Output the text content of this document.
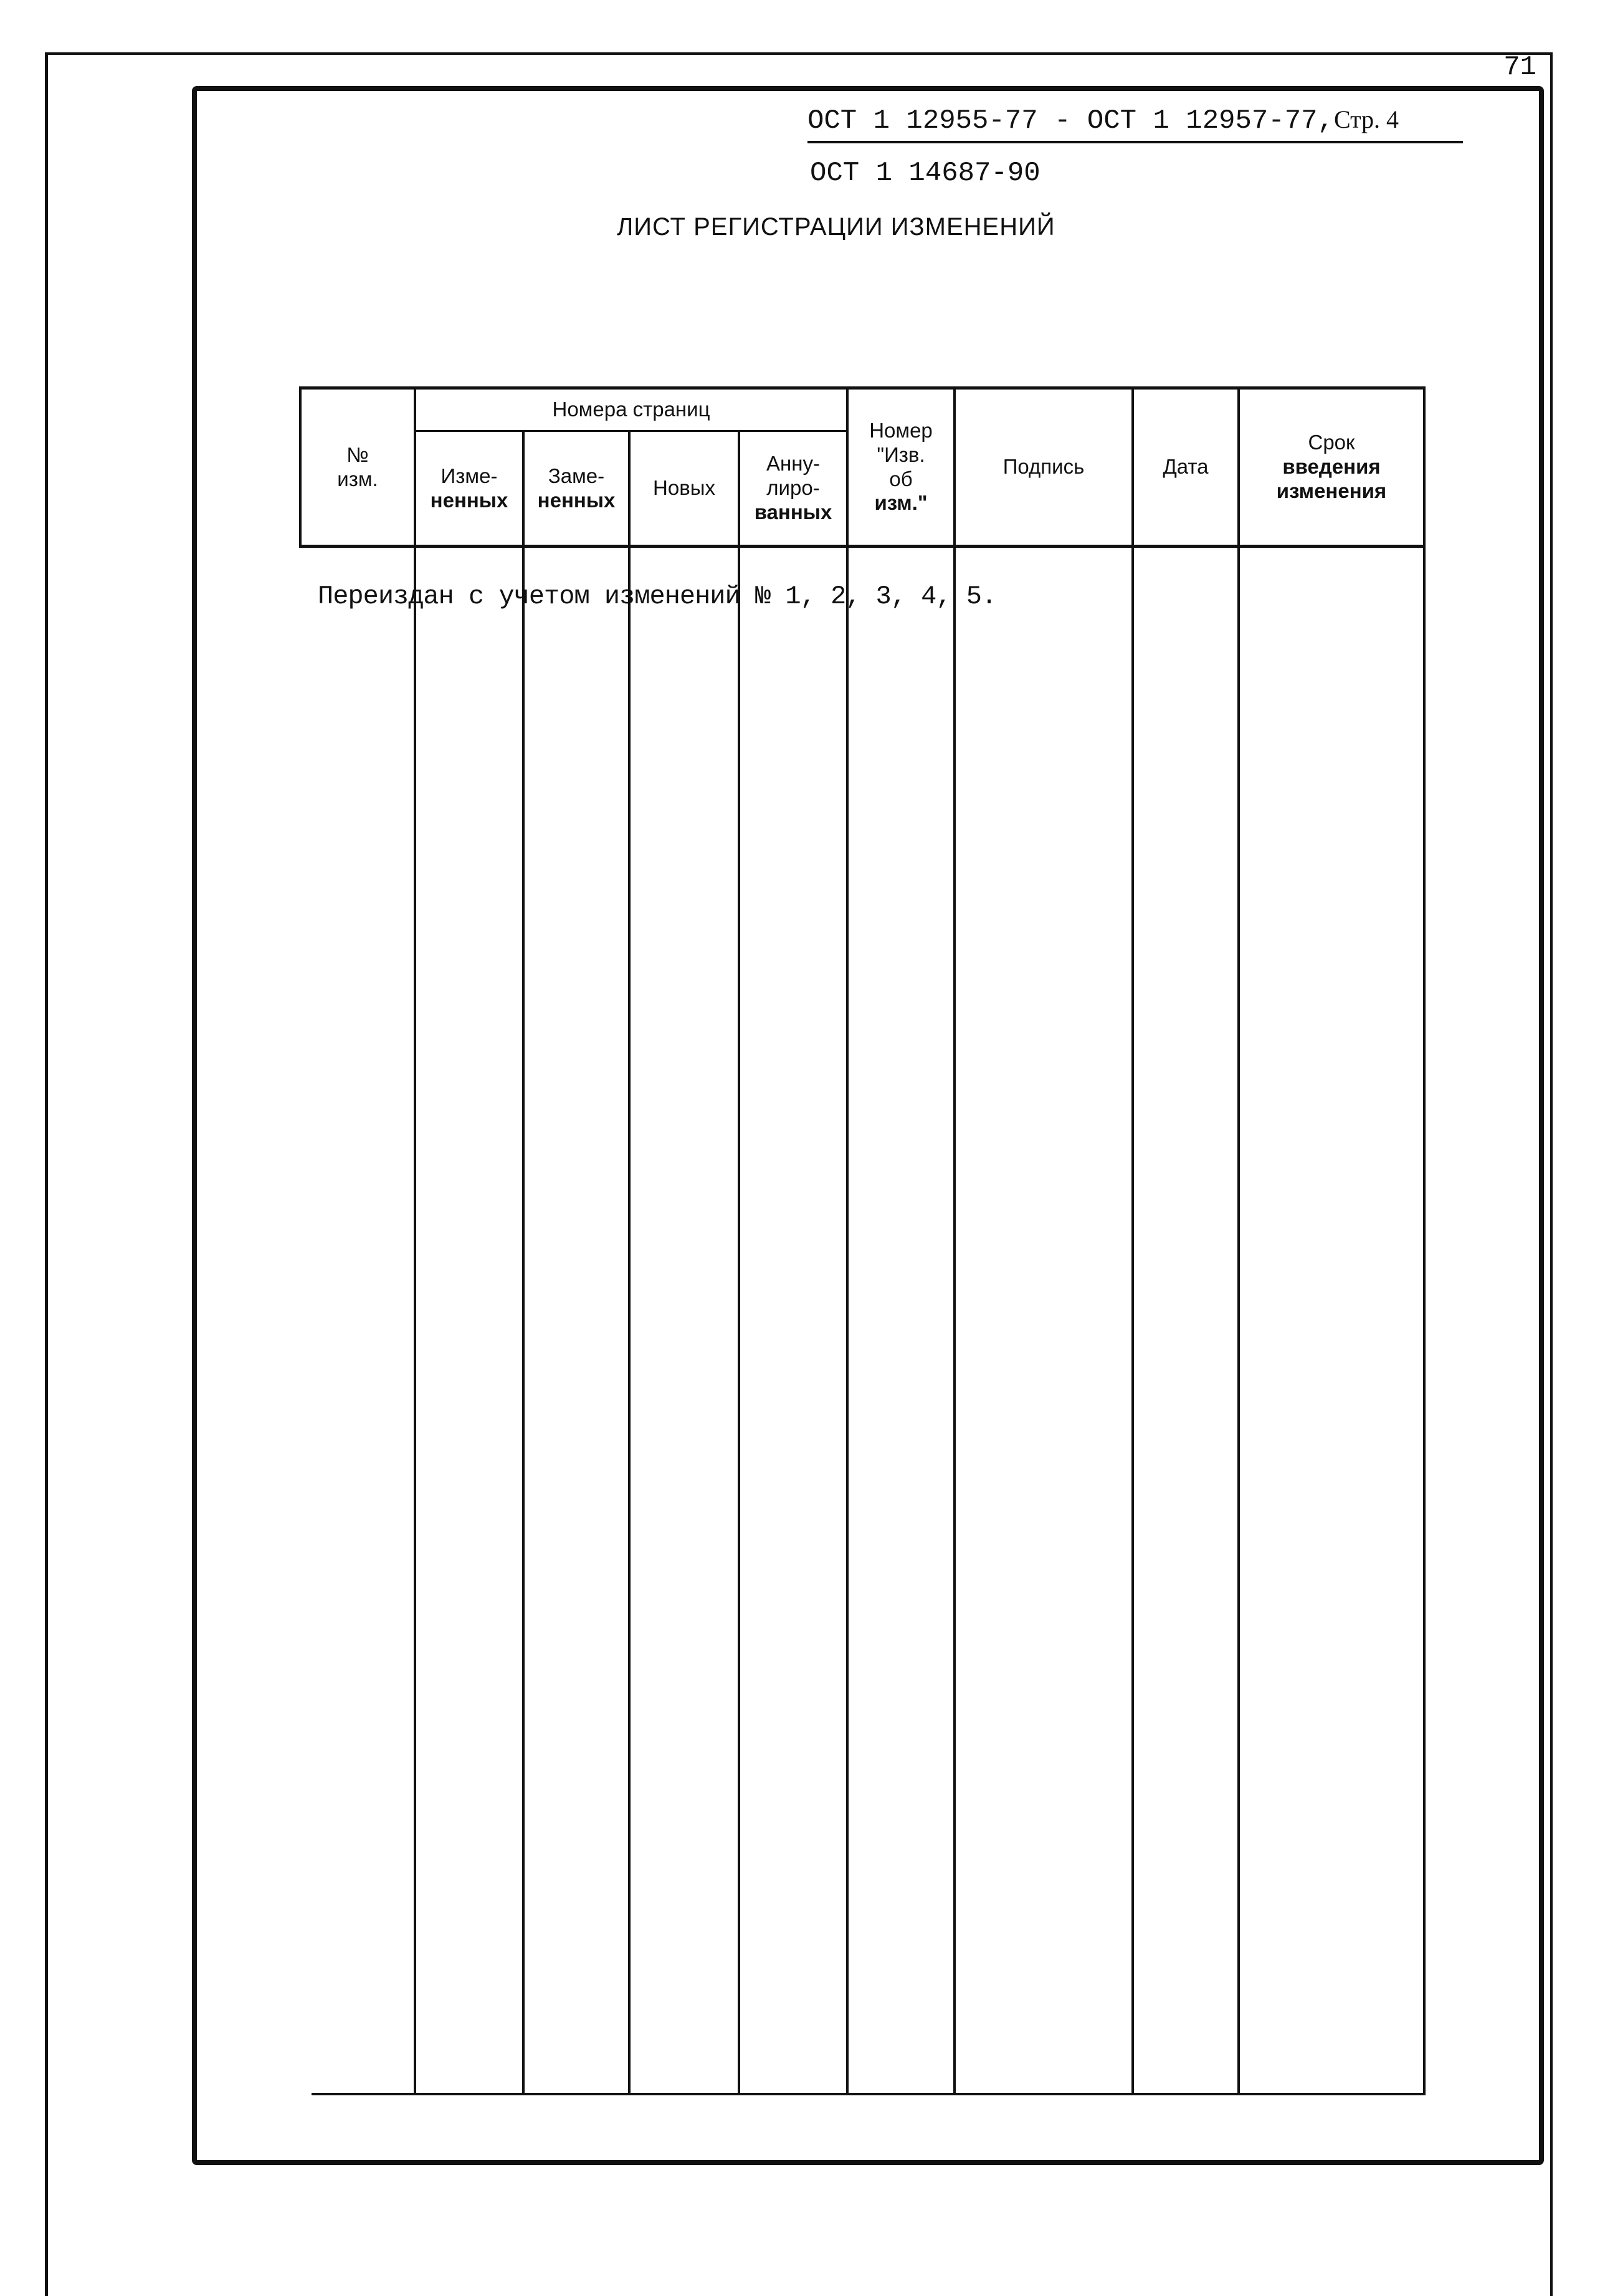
71
ОСТ 1 12955-77 - ОСТ 1 12957-77,Стр. 4
ОСТ 1 14687-90
ЛИСТ РЕГИСТРАЦИИ ИЗМЕНЕНИЙ
№
изм.
Номера страниц
Изме-
ненных
Заме-
ненных
Новых
Анну-
лиро-
ванных
Номер
"Изв.
об
изм."
Подпись	Дата
Срок
введения
изменения
Переиздан с учетом изменений № 1, 2, 3, 4, 5.
